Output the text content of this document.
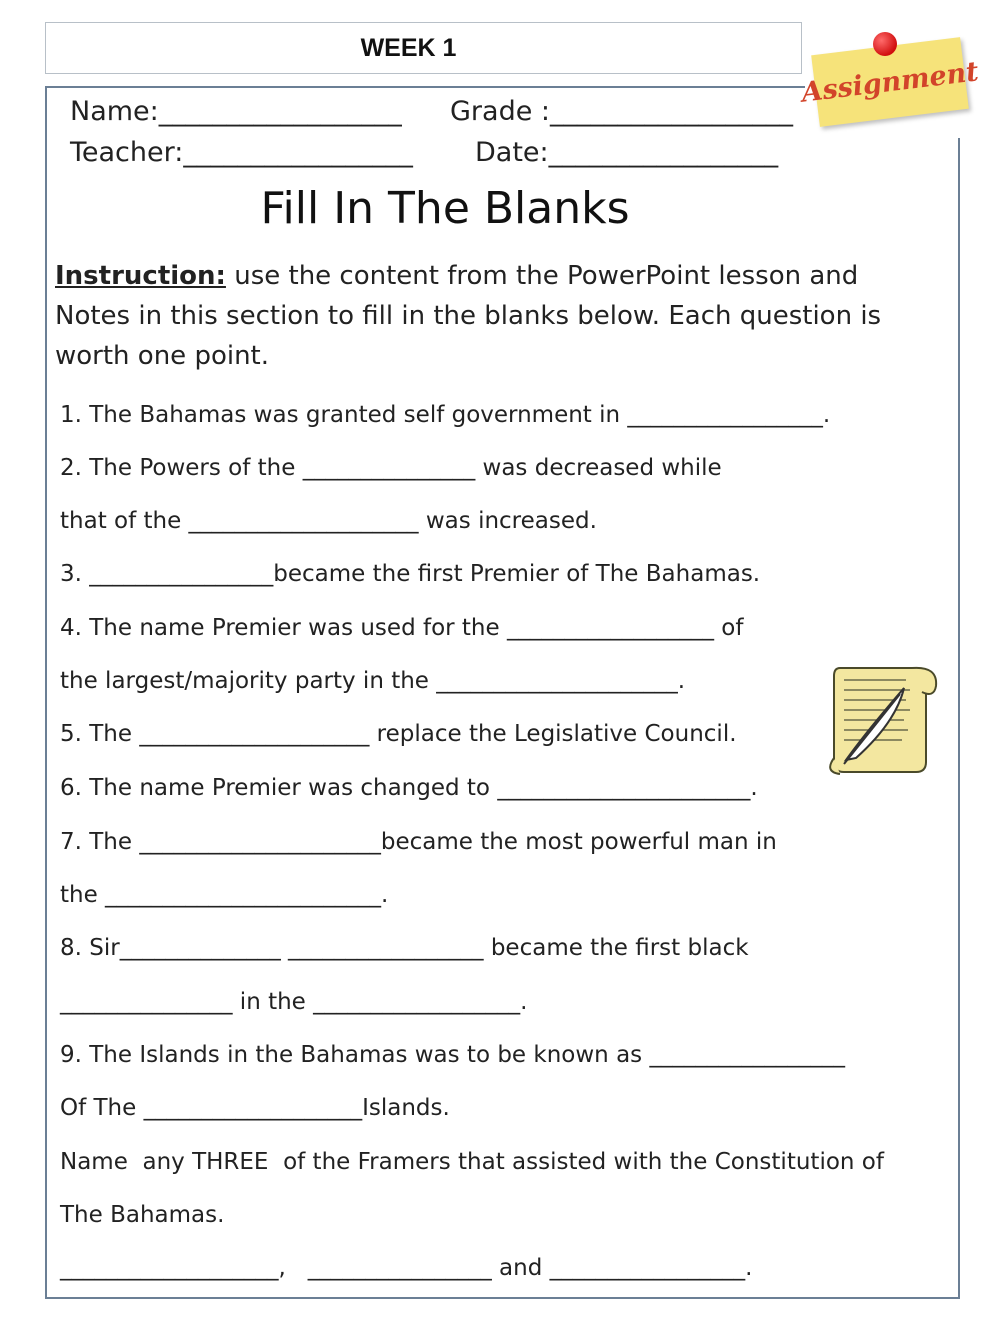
WEEK 1
Assignment
Name:__________________ Grade :__________________
Teacher:_________________ Date:_________________
Fill In The Blanks
Instruction: use the content from the PowerPoint lesson and Notes in this section to fill in the blanks below. Each question is worth one point.
1. The Bahamas was granted self government in _________________.
2. The Powers of the _______________ was decreased while
that of the ____________________ was increased.
3. ________________became the first Premier of The Bahamas.
4. The name Premier was used for the __________________ of
the largest/majority party in the _____________________.
5. The ____________________ replace the Legislative Council.
6. The name Premier was changed to ______________________.
7. The _____________________became the most powerful man in
the ________________________.
8. Sir______________ _________________ became the first black
_______________ in the __________________.
9. The Islands in the Bahamas was to be known as _________________
Of The ___________________Islands.
Name  any THREE  of the Framers that assisted with the Constitution of
The Bahamas.
___________________,   ________________ and _________________.
